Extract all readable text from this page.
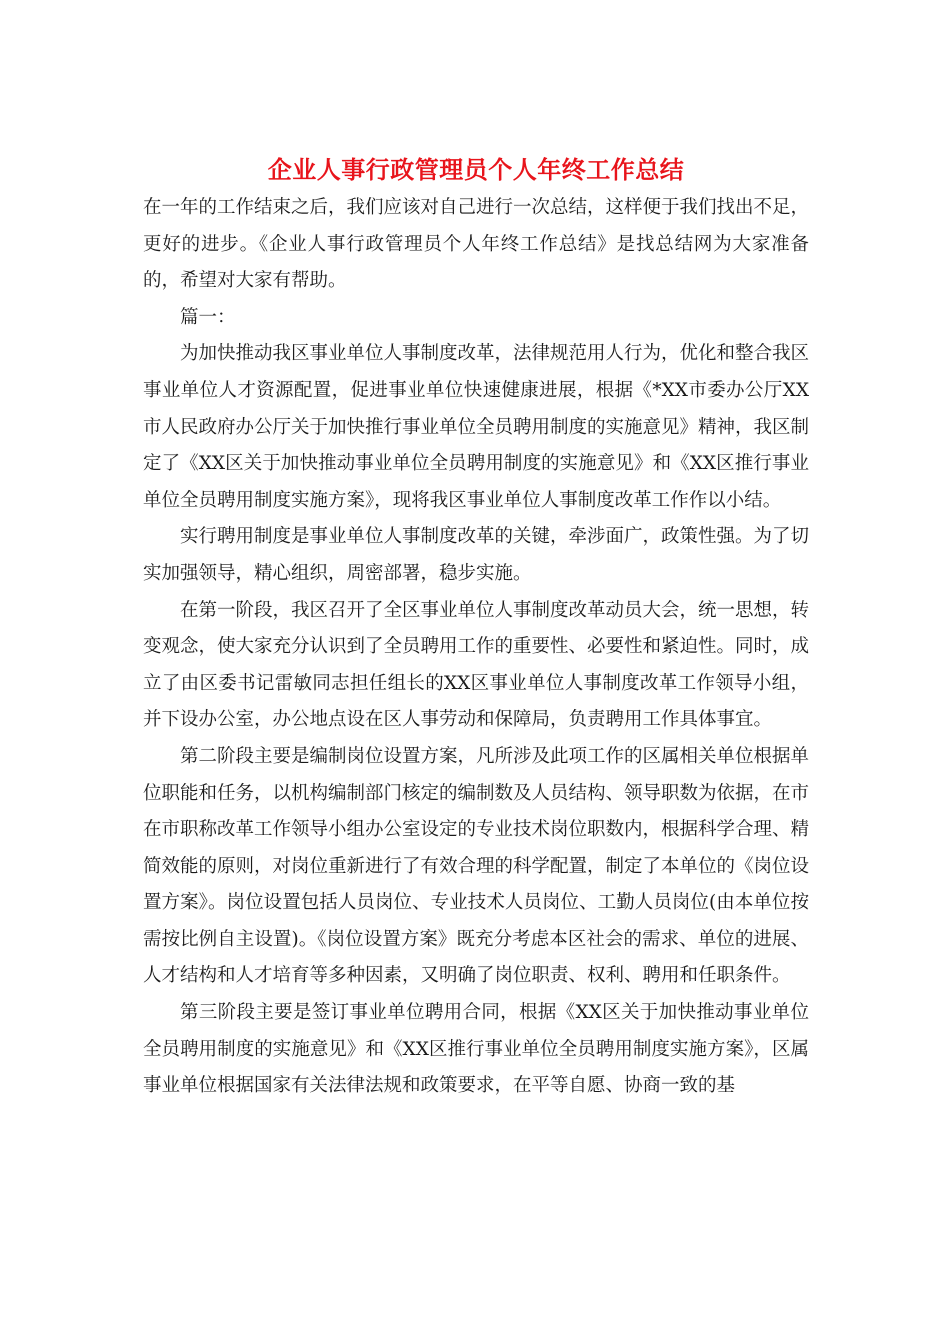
企业人事行政管理员个人年终工作总结

在一年的工作结束之后，我们应该对自己进行一次总结，这样便于我们找出不足，更好的进步。《企业人事行政管理员个人年终工作总结》是找总结网为大家准备的，希望对大家有帮助。

篇一：

为加快推动我区事业单位人事制度改革，法律规范用人行为，优化和整合我区事业单位人才资源配置，促进事业单位快速健康进展，根据《*XX市委办公厅XX市人民政府办公厅关于加快推行事业单位全员聘用制度的实施意见》精神，我区制定了《XX区关于加快推动事业单位全员聘用制度的实施意见》和《XX区推行事业单位全员聘用制度实施方案》，现将我区事业单位人事制度改革工作作以小结。

实行聘用制度是事业单位人事制度改革的关键，牵涉面广，政策性强。为了切实加强领导，精心组织，周密部署，稳步实施。

在第一阶段，我区召开了全区事业单位人事制度改革动员大会，统一思想，转变观念，使大家充分认识到了全员聘用工作的重要性、必要性和紧迫性。同时，成立了由区委书记雷敏同志担任组长的XX区事业单位人事制度改革工作领导小组，并下设办公室，办公地点设在区人事劳动和保障局，负责聘用工作具体事宜。

第二阶段主要是编制岗位设置方案，凡所涉及此项工作的区属相关单位根据单位职能和任务，以机构编制部门核定的编制数及人员结构、领导职数为依据，在市在市职称改革工作领导小组办公室设定的专业技术岗位职数内，根据科学合理、精简效能的原则，对岗位重新进行了有效合理的科学配置，制定了本单位的《岗位设置方案》。岗位设置包括人员岗位、专业技术人员岗位、工勤人员岗位(由本单位按需按比例自主设置)。《岗位设置方案》既充分考虑本区社会的需求、单位的进展、人才结构和人才培育等多种因素，又明确了岗位职责、权利、聘用和任职条件。

第三阶段主要是签订事业单位聘用合同，根据《XX区关于加快推动事业单位全员聘用制度的实施意见》和《XX区推行事业单位全员聘用制度实施方案》，区属事业单位根据国家有关法律法规和政策要求，在平等自愿、协商一致的基
